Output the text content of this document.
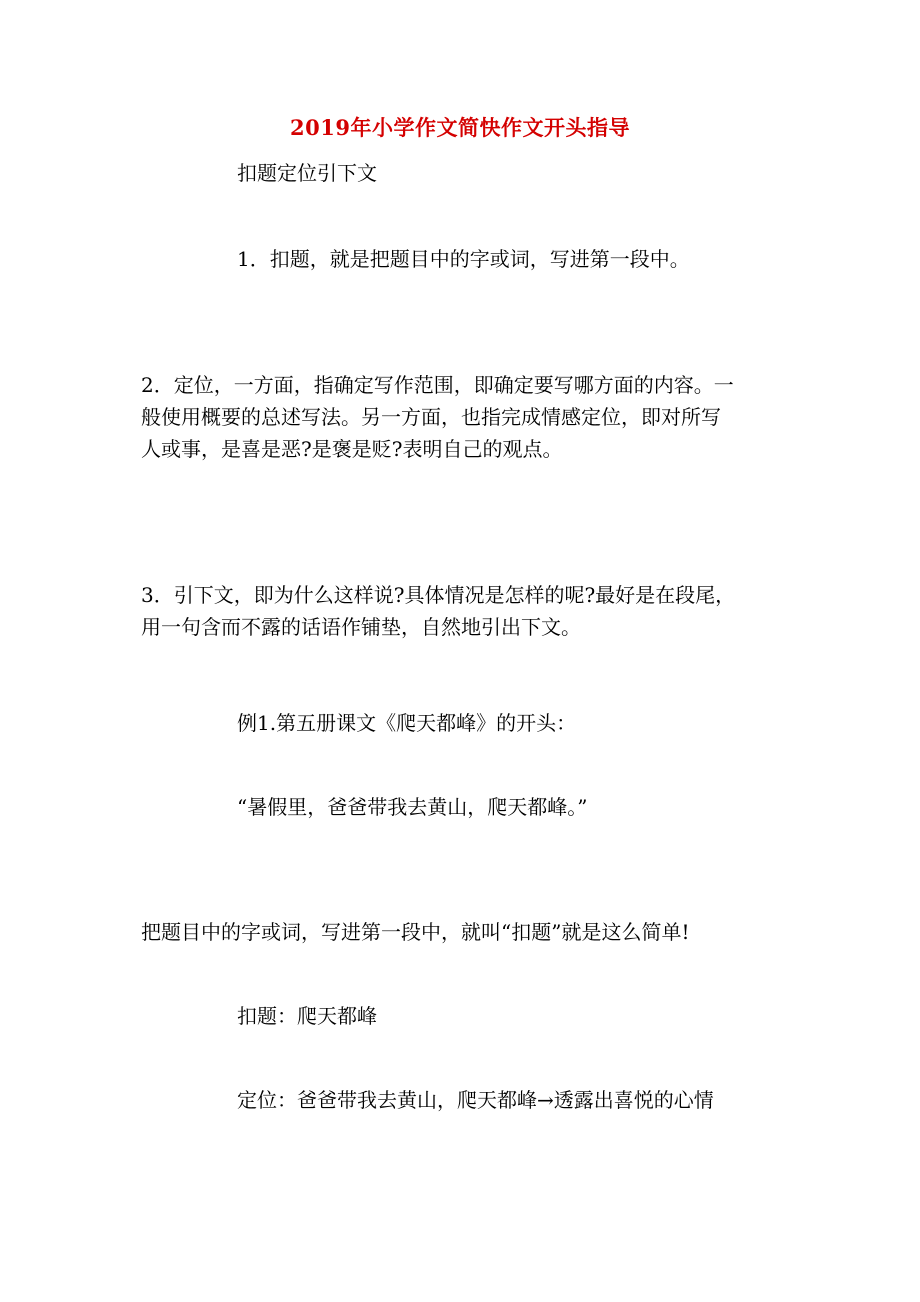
2019年小学作文简快作文开头指导
扣题定位引下文
1．扣题，就是把题目中的字或词，写进第一段中。
2．定位，一方面，指确定写作范围，即确定要写哪方面的内容。一
般使用概要的总述写法。另一方面，也指完成情感定位，即对所写
人或事，是喜是恶?是褒是贬?表明自己的观点。
3．引下文，即为什么这样说?具体情况是怎样的呢?最好是在段尾，
用一句含而不露的话语作铺垫，自然地引出下文。
例1.第五册课文《爬天都峰》的开头：
“暑假里，爸爸带我去黄山，爬天都峰。”
把题目中的字或词，写进第一段中，就叫“扣题”就是这么简单!
扣题：爬天都峰
定位：爸爸带我去黄山，爬天都峰→透露出喜悦的心情
